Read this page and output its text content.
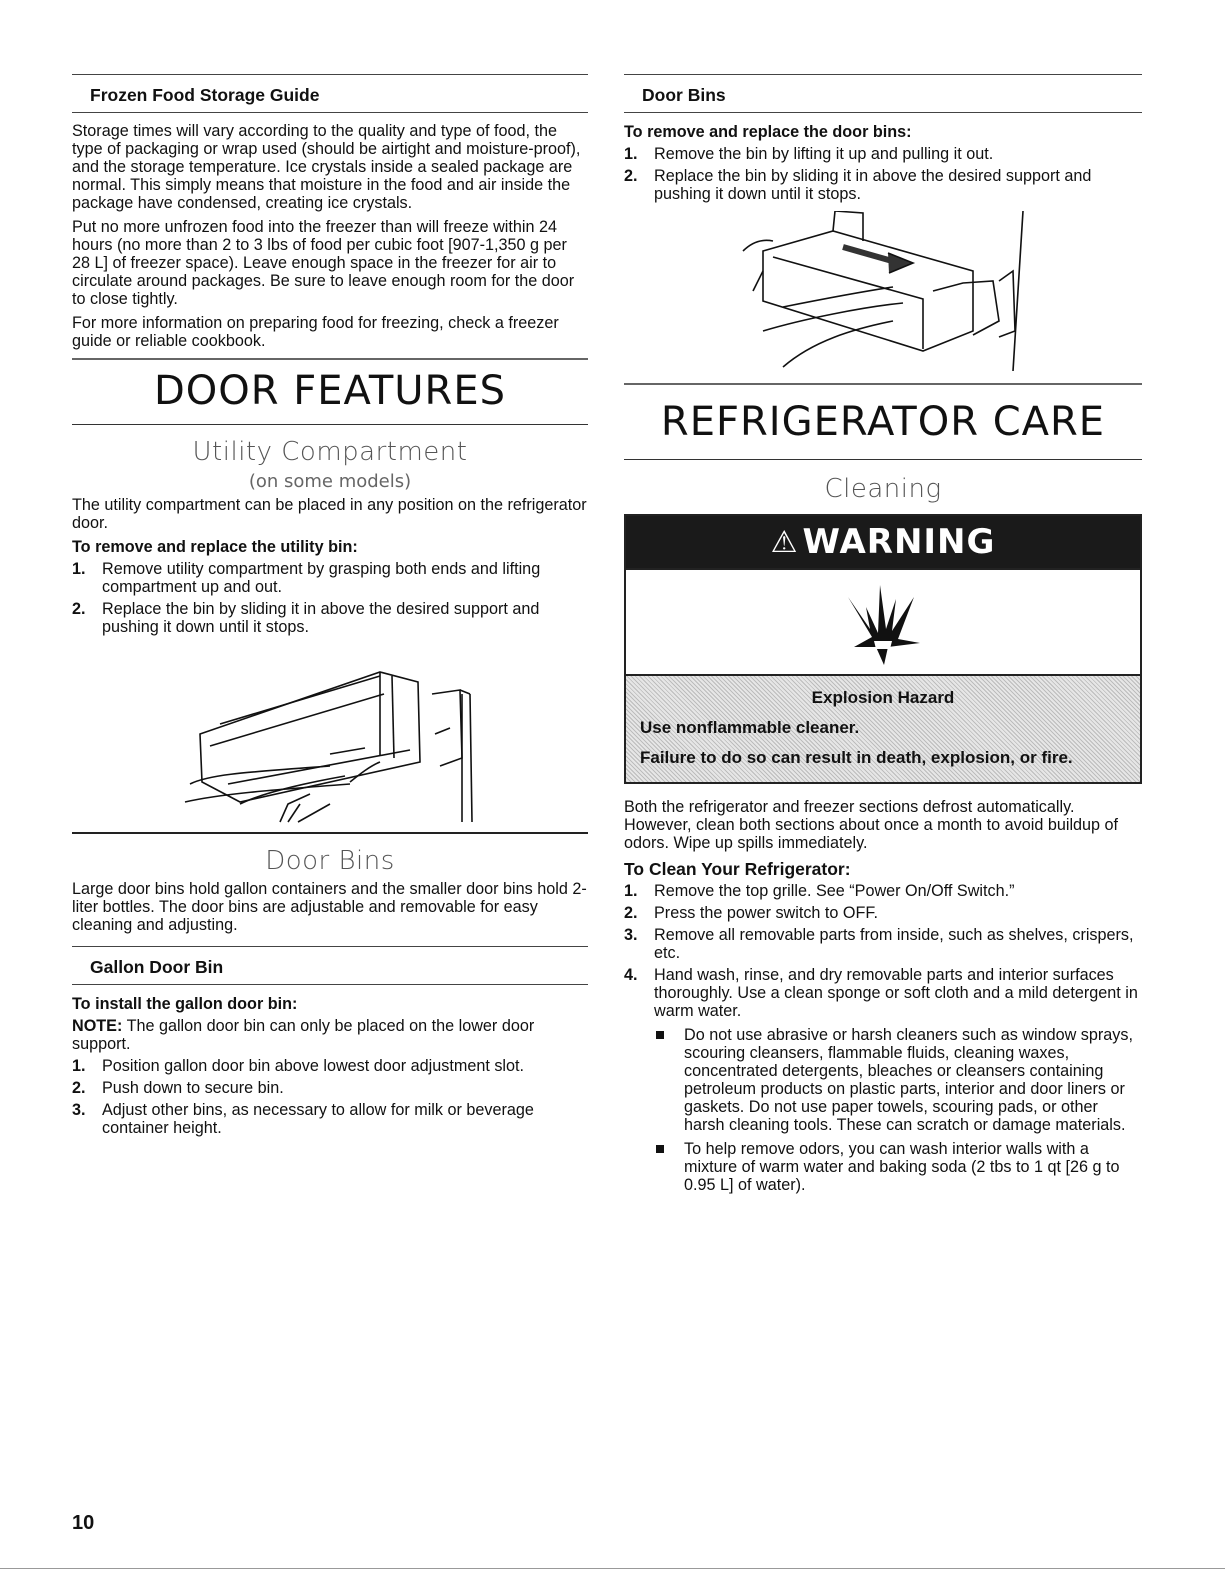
Frozen Food Storage Guide

Storage times will vary according to the quality and type of food, the type of packaging or wrap used (should be airtight and moisture-proof), and the storage temperature. Ice crystals inside a sealed package are normal. This simply means that moisture in the food and air inside the package have condensed, creating ice crystals.

Put no more unfrozen food into the freezer than will freeze within 24 hours (no more than 2 to 3 lbs of food per cubic foot [907-1,350 g per 28 L] of freezer space). Leave enough space in the freezer for air to circulate around packages. Be sure to leave enough room for the door to close tightly.

For more information on preparing food for freezing, check a freezer guide or reliable cookbook.

DOOR FEATURES
Utility Compartment
(on some models)

The utility compartment can be placed in any position on the refrigerator door.

To remove and replace the utility bin:
1. Remove utility compartment by grasping both ends and lifting compartment up and out.
2. Replace the bin by sliding it in above the desired support and pushing it down until it stops.
Door Bins

Large door bins hold gallon containers and the smaller door bins hold 2-liter bottles. The door bins are adjustable and removable for easy cleaning and adjusting.

Gallon Door Bin
To install the gallon door bin:

NOTE: The gallon door bin can only be placed on the lower door support.

1. Position gallon door bin above lowest door adjustment slot.
2. Push down to secure bin.
3. Adjust other bins, as necessary to allow for milk or beverage container height.
Door Bins
To remove and replace the door bins:
1. Remove the bin by lifting it up and pulling it out.
2. Replace the bin by sliding it in above the desired support and pushing it down until it stops.
REFRIGERATOR CARE
Cleaning
⚠ WARNING
Explosion Hazard
Use nonflammable cleaner.
Failure to do so can result in death, explosion, or fire.

Both the refrigerator and freezer sections defrost automatically. However, clean both sections about once a month to avoid buildup of odors. Wipe up spills immediately.

To Clean Your Refrigerator:
1. Remove the top grille. See “Power On/Off Switch.”
2. Press the power switch to OFF.
3. Remove all removable parts from inside, such as shelves, crispers, etc.
4. Hand wash, rinse, and dry removable parts and interior surfaces thoroughly. Use a clean sponge or soft cloth and a mild detergent in warm water.
Do not use abrasive or harsh cleaners such as window sprays, scouring cleansers, flammable fluids, cleaning waxes, concentrated detergents, bleaches or cleansers containing petroleum products on plastic parts, interior and door liners or gaskets. Do not use paper towels, scouring pads, or other harsh cleaning tools. These can scratch or damage materials.
To help remove odors, you can wash interior walls with a mixture of warm water and baking soda (2 tbs to 1 qt [26 g to 0.95 L] of water).
10
